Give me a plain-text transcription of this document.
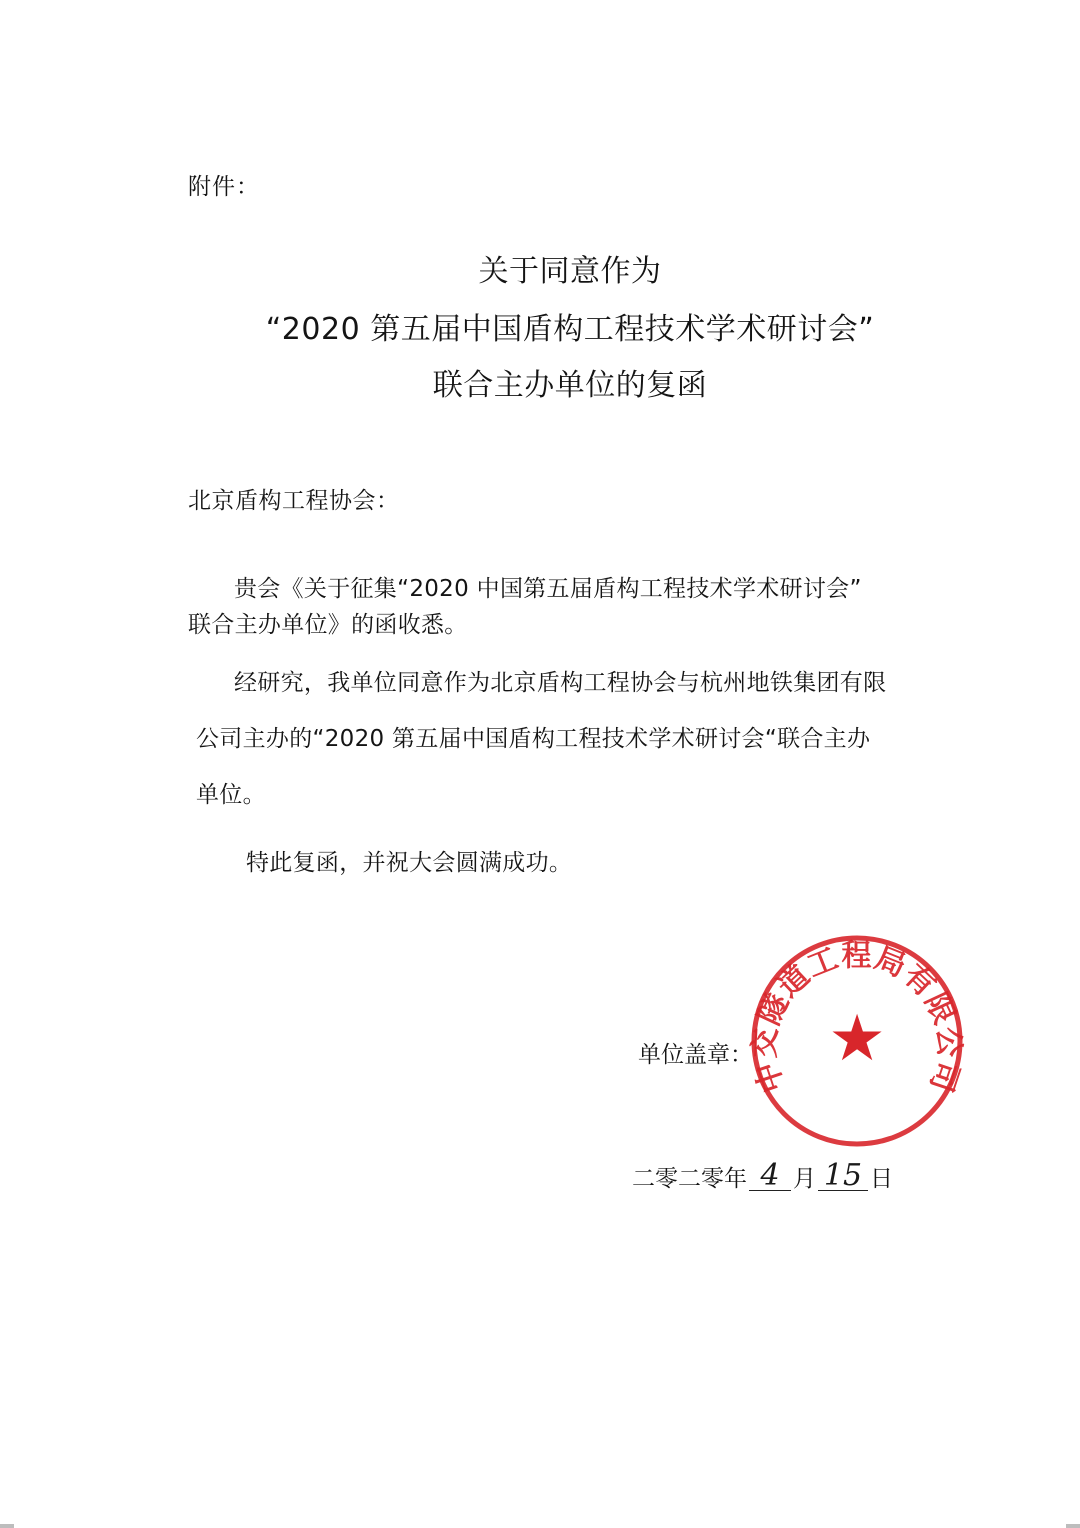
附件：
关于同意作为
“2020 第五届中国盾构工程技术学术研讨会”
联合主办单位的复函
北京盾构工程协会：
贵会《关于征集“2020 中国第五届盾构工程技术学术研讨会”
联合主办单位》的函收悉。
经研究，我单位同意作为北京盾构工程协会与杭州地铁集团有限
公司主办的“2020 第五届中国盾构工程技术学术研讨会“联合主办
单位。
特此复函，并祝大会圆满成功。
单位盖章： ★
中交隧道工程局有限公司
二零二零年 4 月 15 日
